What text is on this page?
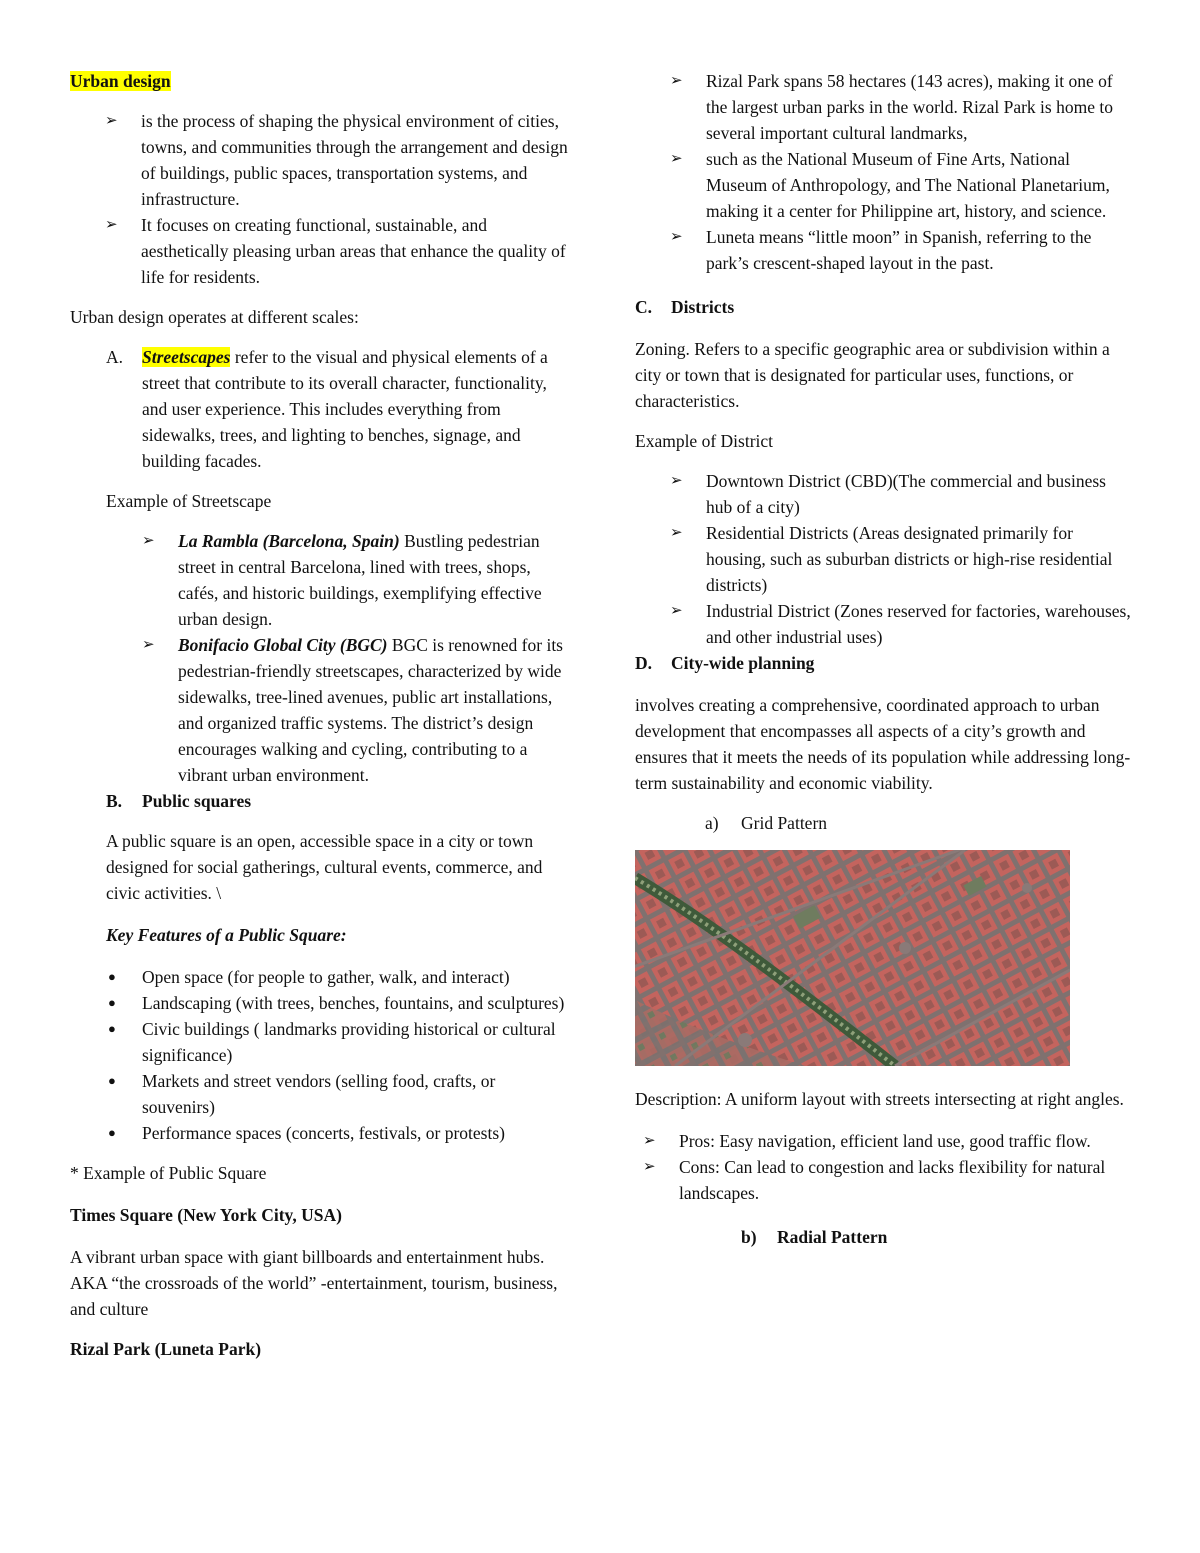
Urban design

➢	is the process of shaping the physical environment of cities, towns, and communities through the arrangement and design of buildings, public spaces, transportation systems, and infrastructure.
➢	It focuses on creating functional, sustainable, and aesthetically pleasing urban areas that enhance the quality of life for residents.

Urban design operates at different scales:

A.	Streetscapes refer to the visual and physical elements of a street that contribute to its overall character, functionality, and user experience. This includes everything from sidewalks, trees, and lighting to benches, signage, and building facades.

Example of Streetscape

➢	La Rambla (Barcelona, Spain) Bustling pedestrian street in central Barcelona, lined with trees, shops, cafés, and historic buildings, exemplifying effective urban design.
➢	Bonifacio Global City (BGC) BGC is renowned for its pedestrian-friendly streetscapes, characterized by wide sidewalks, tree-lined avenues, public art installations, and organized traffic systems. The district’s design encourages walking and cycling, contributing to a vibrant urban environment.
B.	Public squares

A public square is an open, accessible space in a city or town designed for social gatherings, cultural events, commerce, and civic activities. \

Key Features of a Public Square:

●	Open space (for people to gather, walk, and interact)
●	Landscaping (with trees, benches, fountains, and sculptures)
●	Civic buildings ( landmarks providing historical or cultural significance)
●	Markets and street vendors (selling food, crafts, or souvenirs)
●	Performance spaces (concerts, festivals, or protests)

* Example of Public Square

Times Square (New York City, USA)

A vibrant urban space with giant billboards and entertainment hubs. AKA “the crossroads of the world” -entertainment, tourism, business, and culture

Rizal Park (Luneta Park)

➢	Rizal Park spans 58 hectares (143 acres), making it one of the largest urban parks in the world. Rizal Park is home to several important cultural landmarks,
➢	such as the National Museum of Fine Arts, National Museum of Anthropology, and The National Planetarium, making it a center for Philippine art, history, and science.
➢	Luneta means “little moon” in Spanish, referring to the park’s crescent-shaped layout in the past.
C.	Districts

Zoning. Refers to a specific geographic area or subdivision within a city or town that is designated for particular uses, functions, or characteristics.

Example of District

➢	Downtown District (CBD)(The commercial and business hub of a city)
➢	Residential Districts (Areas designated primarily for housing, such as suburban districts or high-rise residential districts)
➢	Industrial District (Zones reserved for factories, warehouses, and other industrial uses)
D.	City-wide planning

involves creating a comprehensive, coordinated approach to urban development that encompasses all aspects of a city’s growth and ensures that it meets the needs of its population while addressing long-term sustainability and economic viability.

a)	Grid Pattern

Description: A uniform layout with streets intersecting at right angles.

➢	Pros: Easy navigation, efficient land use, good traffic flow.
➢	Cons: Can lead to congestion and lacks flexibility for natural landscapes.
b)	Radial Pattern
